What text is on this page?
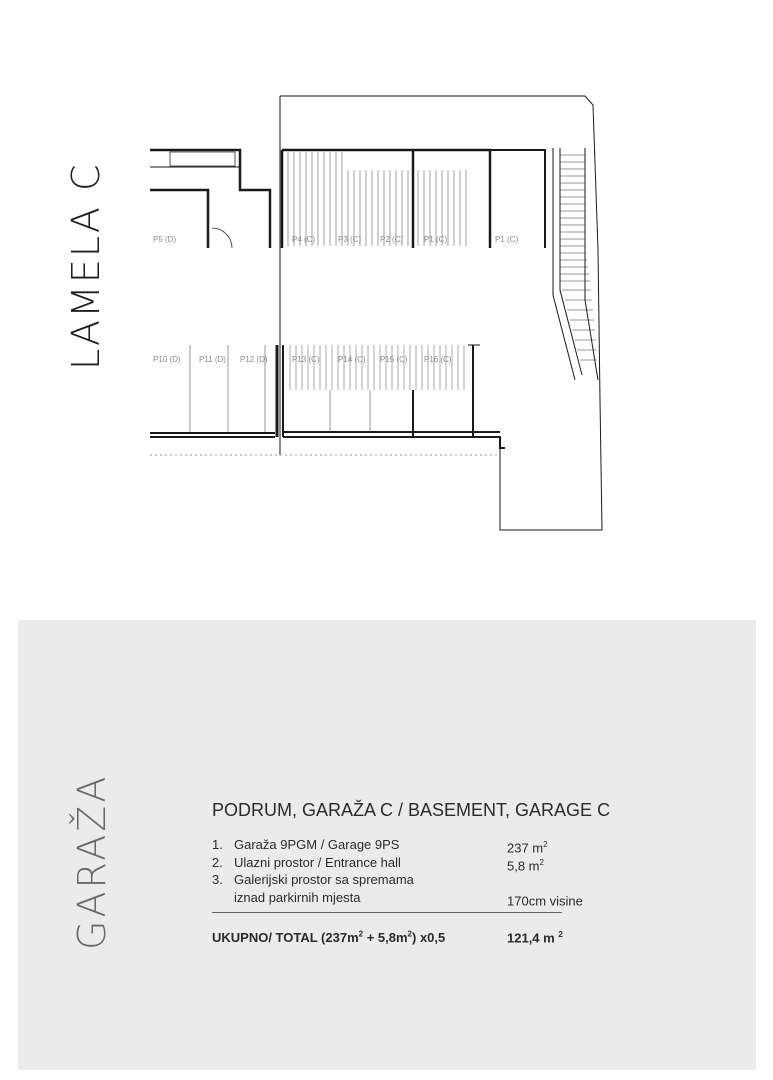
LAMELA C	P5 (D)	P4 (C)	P3 (C) P2 (C)	P1 (C)	P1 (C)
P10 (D) P11 (D) P12 (D)	P13 (C) P14 (C) P15 (C) P16 (C)
GARAŽA	PODRUM, GARAŽA C / BASEMENT, GARAGE C
1. Garaža 9PGM / Garage 9PS	237 $m^2$
2. Ulazni prostor / Entrance hall	5,8 $m^2$
3. Galerijski prostor sa spremama
iznad parkirnih mjesta	170cm visine
UKUPNO/ TOTAL $(237m^2 + 5,8m^2)$ x0,5	121,4 m $^2$
